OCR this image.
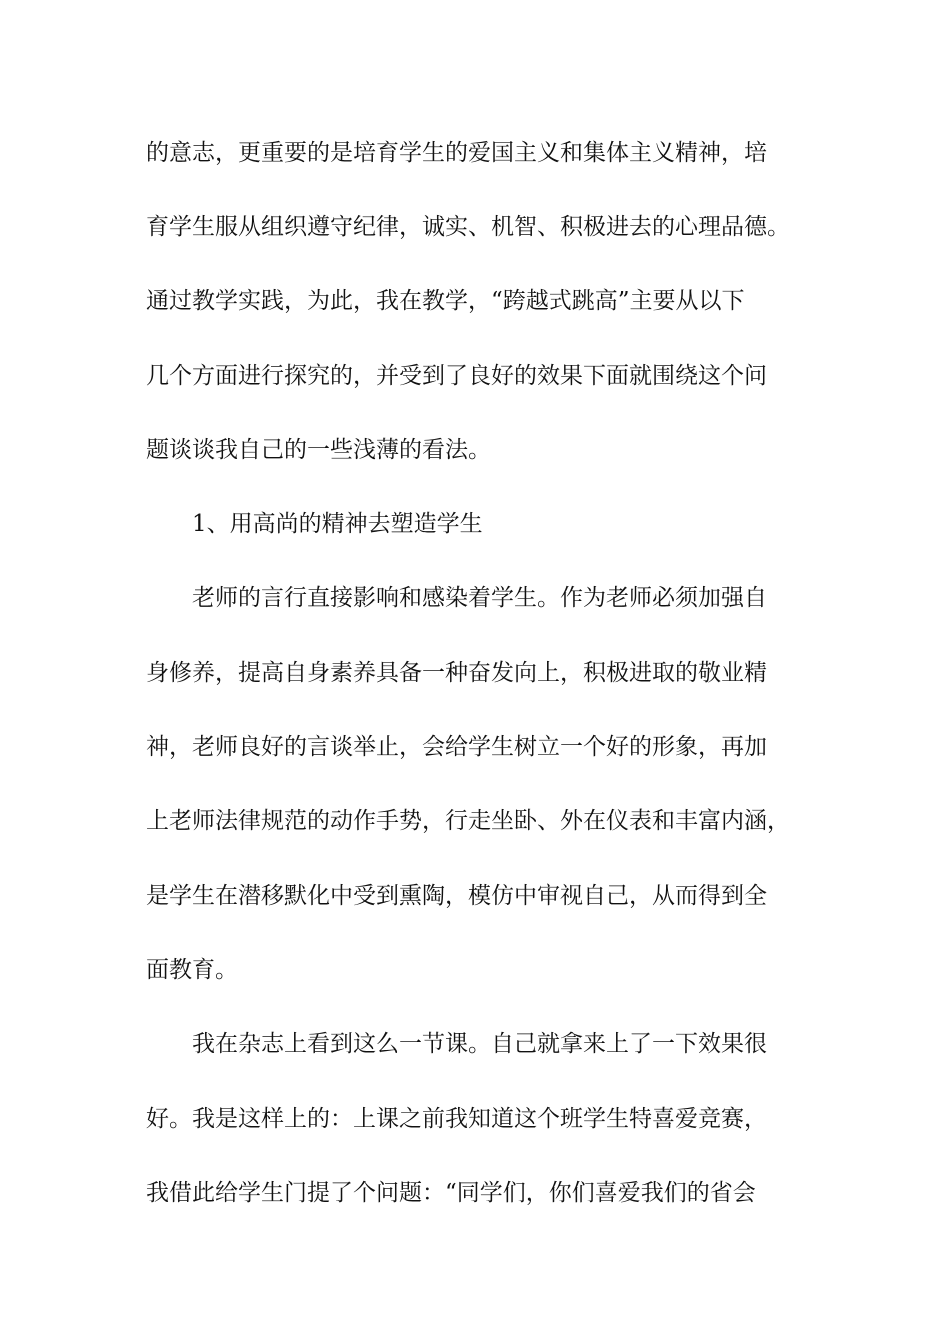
的意志，更重要的是培育学生的爱国主义和集体主义精神，培
育学生服从组织遵守纪律，诚实、机智、积极进去的心理品德。
通过教学实践，为此，我在教学，“跨越式跳高”主要从以下
几个方面进行探究的，并受到了良好的效果下面就围绕这个问
题谈谈我自己的一些浅薄的看法。
1、用高尚的精神去塑造学生
老师的言行直接影响和感染着学生。作为老师必须加强自
身修养，提高自身素养具备一种奋发向上，积极进取的敬业精
神，老师良好的言谈举止，会给学生树立一个好的形象，再加
上老师法律规范的动作手势，行走坐卧、外在仪表和丰富内涵，
是学生在潜移默化中受到熏陶，模仿中审视自己，从而得到全
面教育。
我在杂志上看到这么一节课。自己就拿来上了一下效果很
好。我是这样上的：上课之前我知道这个班学生特喜爱竞赛，
我借此给学生门提了个问题：“同学们，你们喜爱我们的省会
